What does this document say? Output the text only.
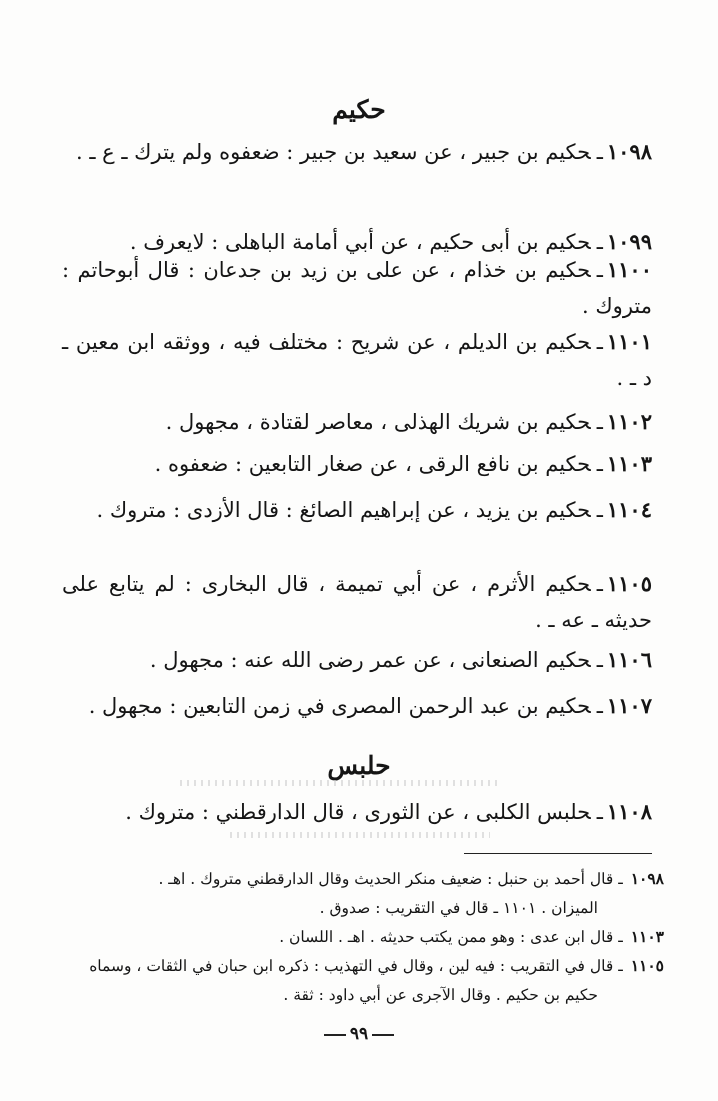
حكيم
١٠٩٨ـحكيم بن جبير ، عن سعيد بن جبير : ضعفوه ولم يترك ـ ع ـ .
١٠٩٩ـحكيم بن أبى حكيم ، عن أبي أمامة الباهلى : لايعرف .
١١٠٠ـحكيم بن خذام ، عن على بن زيد بن جدعان : قال أبوحاتم : متروك .
١١٠١ـحكيم بن الديلم ، عن شريح : مختلف فيه ، ووثقه ابن معين ـ د ـ .
١١٠٢ـحكيم بن شريك الهذلى ، معاصر لقتادة ، مجهول .
١١٠٣ـحكيم بن نافع الرقى ، عن صغار التابعين : ضعفوه .
١١٠٤ـحكيم بن يزيد ، عن إبراهيم الصائغ : قال الأزدى : متروك .
١١٠٥ـحكيم الأثرم ، عن أبي تميمة ، قال البخارى : لم يتابع على حديثه ـ عه ـ .
١١٠٦ـحكيم الصنعانى ، عن عمر رضى الله عنه : مجهول .
١١٠٧ـحكيم بن عبد الرحمن المصرى في زمن التابعين : مجهول .
حلبس
١١٠٨ـحلبس الكلبى ، عن الثورى ، قال الدارقطني : متروك .
١٠٩٨ ـ قال أحمد بن حنبل : ضعيف منكر الحديث وقال الدارقطني متروك . اهـ .
الميزان . ١١٠١ ـ قال في التقريب : صدوق .
١١٠٣ ـ قال ابن عدى : وهو ممن يكتب حديثه . اهـ . اللسان .
١١٠٥ ـ قال في التقريب : فيه لين ، وقال في التهذيب : ذكره ابن حبان في الثقات ، وسماه
حكيم بن حكيم . وقال الآجرى عن أبي داود : ثقة .
٩٩
